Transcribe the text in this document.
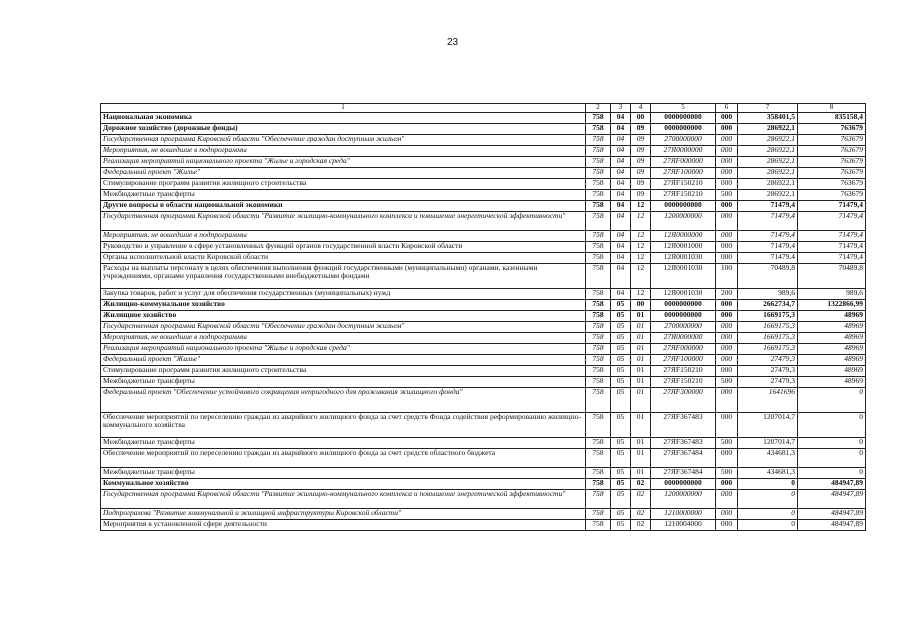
23
1	2	3	4	5	6	7	8
Национальная экономика	758	04	00	0000000000	000	358401,5	835158,4
Дорожное хозяйство (дорожные фонды)	758	04	09	0000000000	000	286922,1	763679
Государственная программа Кировской области "Обеспечение граждан доступным жильем"	758	04	09	2700000000	000	286922,1	763679
Мероприятия, не вошедшие в подпрограммы	758	04	09	27Я0000000	000	286922,1	763679
Реализация мероприятий национального проекта "Жилье и городская среда"	758	04	09	27ЯF000000	000	286922,1	763679
Федеральный проект "Жилье"	758	04	09	27ЯF100000	000	286922,1	763679
Стимулирование программ развития жилищного строительства	758	04	09	27ЯF150210	000	286922,1	763679
Межбюджетные трансферты	758	04	09	27ЯF150210	500	286922,1	763679
Другие вопросы в области национальной экономики	758	04	12	0000000000	000	71479,4	71479,4
Государственная программа Кировской области "Развитие жилищно-коммунального комплекса и повышение энергетической эффективности"	758	04	12	1200000000	000	71479,4	71479,4
Мероприятия, не вошедшие в подпрограммы	758	04	12	12Я0000000	000	71479,4	71479,4
Руководство и управление в сфере установленных функций органов государственной власти Кировской области	758	04	12	12Я0001000	000	71479,4	71479,4
Органы исполнительной власти Кировской области	758	04	12	12Я0001030	000	71479,4	71479,4
Расходы на выплаты персоналу в целях обеспечения выполнения функций государственными (муниципальными) органами, казенными учреждениями, органами управления государственными внебюджетными фондами	758	04	12	12Я0001030	100	70489,8	70489,8
Закупка товаров, работ и услуг для обеспечения государственных (муниципальных) нужд	758	04	12	12Я0001030	200	989,6	989,6
Жилищно-коммунальное хозяйство	758	05	00	0000000000	000	2662734,7	1322866,99
Жилищное хозяйство	758	05	01	0000000000	000	1669175,3	48969
Государственная программа Кировской области "Обеспечение граждан доступным жильем"	758	05	01	2700000000	000	1669175,3	48969
Мероприятия, не вошедшие в подпрограммы	758	05	01	27Я0000000	000	1669175,3	48969
Реализация мероприятий национального проекта "Жилье и городская среда"	758	05	01	27ЯF000000	000	1669175,3	48969
Федеральный проект "Жилье"	758	05	01	27ЯF100000	000	27479,3	48969
Стимулирование программ развития жилищного строительства	758	05	01	27ЯF150210	000	27479,3	48969
Межбюджетные трансферты	758	05	01	27ЯF150210	500	27479,3	48969
Федеральный проект "Обеспечение устойчивого сокращения непригодного для проживания жилищного фонда"	758	05	01	27ЯF300000	000	1641696	0
Обеспечение мероприятий по переселению граждан из аварийного жилищного фонда за счет средств Фонда содействия реформированию жилищно-коммунального хозяйства	758	05	01	27ЯF367483	000	1207014,7	0
Межбюджетные трансферты	758	05	01	27ЯF367483	500	1207014,7	0
Обеспечение мероприятий по переселению граждан из аварийного жилищного фонда за счет средств областного бюджета	758	05	01	27ЯF367484	000	434681,3	0
Межбюджетные трансферты	758	05	01	27ЯF367484	500	434681,3	0
Коммунальное хозяйство	758	05	02	0000000000	000	0	484947,89
Государственная программа Кировской области "Развитие жилищно-коммунального комплекса и повышение энергетической эффективности"	758	05	02	1200000000	000	0	484947,89
Подпрограмма "Развитие коммунальной и жилищной инфраструктуры Кировской области"	758	05	02	1210000000	000	0	484947,89
Мероприятия в установленной сфере деятельности	758	05	02	1210004000	000	0	484947,89
